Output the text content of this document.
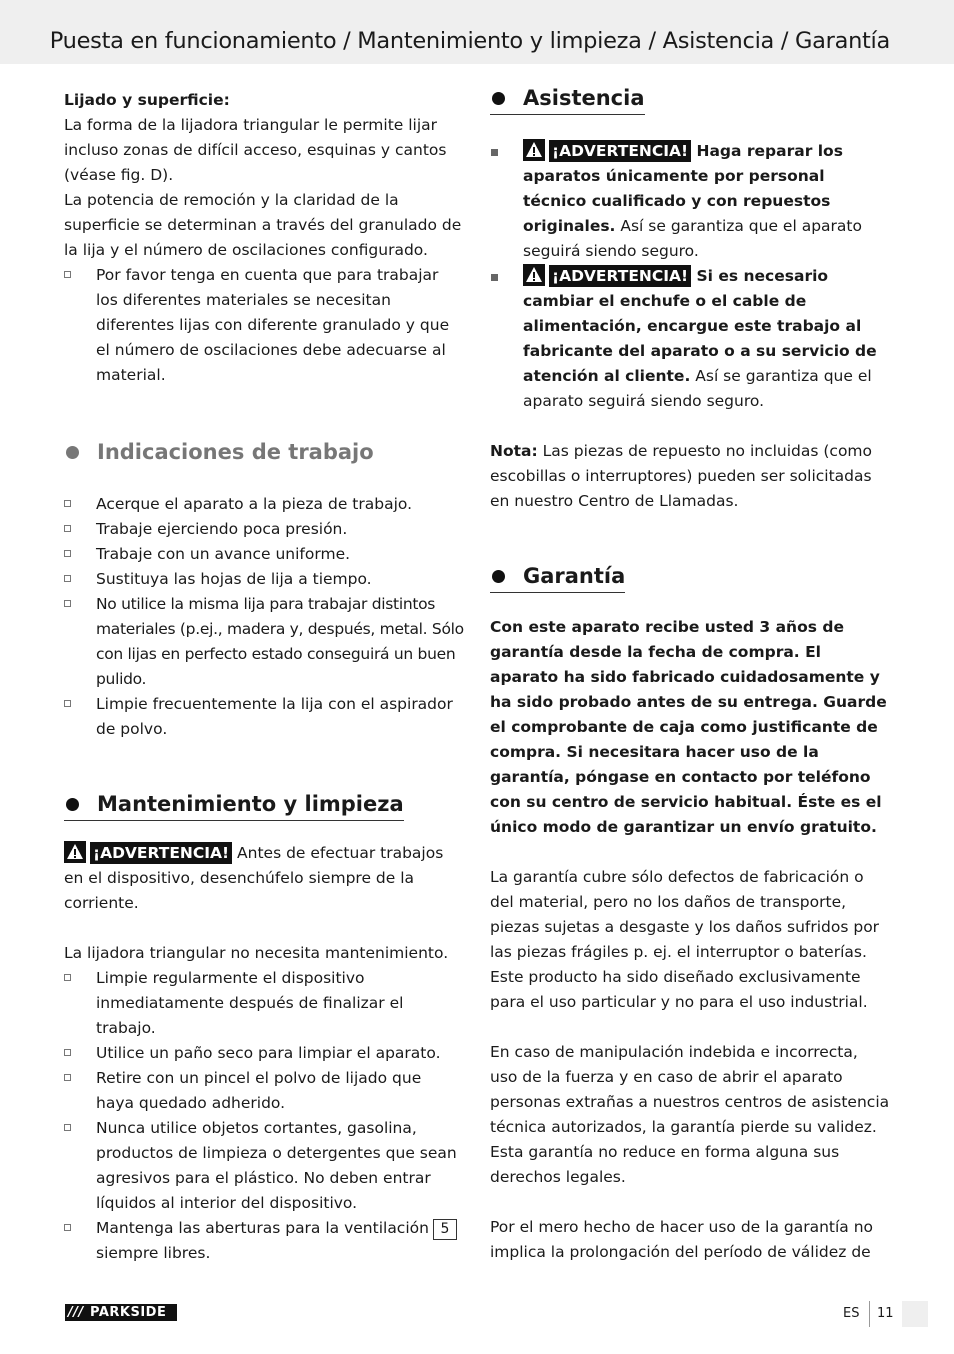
Puesta en funcionamiento / Mantenimiento y limpieza / Asistencia / Garantía

Lijado y superficie:

La forma de la lijadora triangular le permite lijar incluso zonas de difícil acceso, esquinas y cantos (véase fig. D).

La potencia de remoción y la claridad de la superficie se determinan a través del granulado de la lija y el número de oscilaciones configurado.

Por favor tenga en cuenta que para trabajar los diferentes materiales se necesitan diferentes lijas con diferente granulado y que el número de oscilaciones debe adecuarse al material.
Indicaciones de trabajo
Acerque el aparato a la pieza de trabajo.
Trabaje ejerciendo poca presión.
Trabaje con un avance uniforme.
Sustituya las hojas de lija a tiempo.
No utilice la misma lija para trabajar distintos materiales (p.ej., madera y, después, metal. Sólo con lijas en perfecto estado conseguirá un buen pulido.
Limpie frecuentemente la lija con el aspirador de polvo.
Mantenimiento y limpieza

¡ADVERTENCIA! Antes de efectuar trabajos en el dispositivo, desenchúfelo siempre de la corriente.

La lijadora triangular no necesita mantenimiento.

Limpie regularmente el dispositivo inmediatamente después de finalizar el trabajo.
Utilice un paño seco para limpiar el aparato.
Retire con un pincel el polvo de lijado que haya quedado adherido.
Nunca utilice objetos cortantes, gasolina, productos de limpieza o detergentes que sean agresivos para el plástico. No deben entrar líquidos al interior del dispositivo.
Mantenga las aberturas para la ventilación 5 siempre libres.
Asistencia
¡ADVERTENCIA! Haga reparar los aparatos únicamente por personal técnico cualificado y con repuestos originales. Así se garantiza que el aparato seguirá siendo seguro.
¡ADVERTENCIA! Si es necesario cambiar el enchufe o el cable de alimentación, encargue este trabajo al fabricante del aparato o a su servicio de atención al cliente. Así se garantiza que el aparato seguirá siendo seguro.

Nota: Las piezas de repuesto no incluidas (como escobillas o interruptores) pueden ser solicitadas en nuestro Centro de Llamadas.

Garantía

Con este aparato recibe usted 3 años de garantía desde la fecha de compra. El aparato ha sido fabricado cuidadosamente y ha sido probado antes de su entrega. Guarde el comprobante de caja como justificante de compra. Si necesitara hacer uso de la garantía, póngase en contacto por teléfono con su centro de servicio habitual. Éste es el único modo de garantizar un envío gratuito.

La garantía cubre sólo defectos de fabricación o del material, pero no los daños de transporte, piezas sujetas a desgaste y los daños sufridos por las piezas frágiles p. ej. el interruptor o baterías. Este producto ha sido diseñado exclusivamente para el uso particular y no para el uso industrial.

En caso de manipulación indebida e incorrecta, uso de la fuerza y en caso de abrir el aparato personas extrañas a nuestros centros de asistencia técnica autorizados, la garantía pierde su validez. Esta garantía no reduce en forma alguna sus derechos legales.

Por el mero hecho de hacer uso de la garantía no implica la prolongación del período de válidez de

/// PARKSIDE	ES 11
